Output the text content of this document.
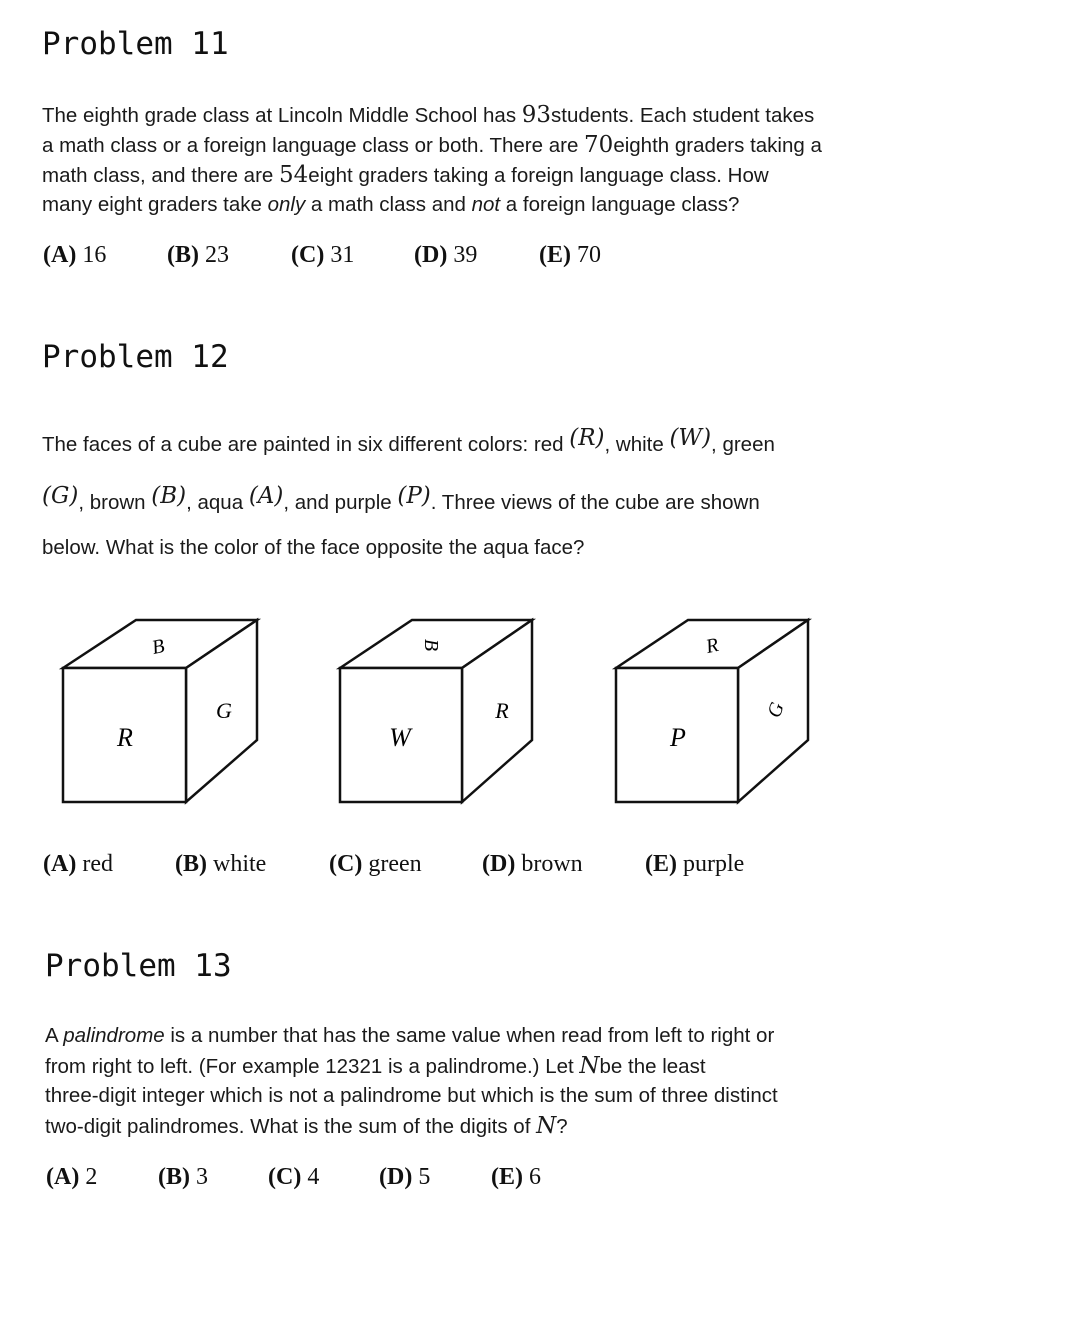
Problem 11
The eighth grade class at Lincoln Middle School has 93students. Each student takes
a math class or a foreign language class or both. There are 70eighth graders taking a
math class, and there are 54eight graders taking a foreign language class. How
many eight graders take only a math class and not a foreign language class?
(A) 16	(B) 23	(C) 31 (D) 39	(E) 70
Problem 12
The faces of a cube are painted in six different colors: red (R), white (W), green
(G), brown (B), aqua (A), and purple (P). Three views of the cube are shown
below. What is the color of the face opposite the aqua face?
R
B
G
W
B
R
P
R
G
(A) red	(B) white	(C) green	(D) brown	(E) purple
Problem 13
A palindrome is a number that has the same value when read from left to right or
from right to left. (For example 12321 is a palindrome.) Let Nbe the least
three-digit integer which is not a palindrome but which is the sum of three distinct
two-digit palindromes. What is the sum of the digits of N?
(A) 2	(B) 3	(C) 4 (D) 5	(E) 6
